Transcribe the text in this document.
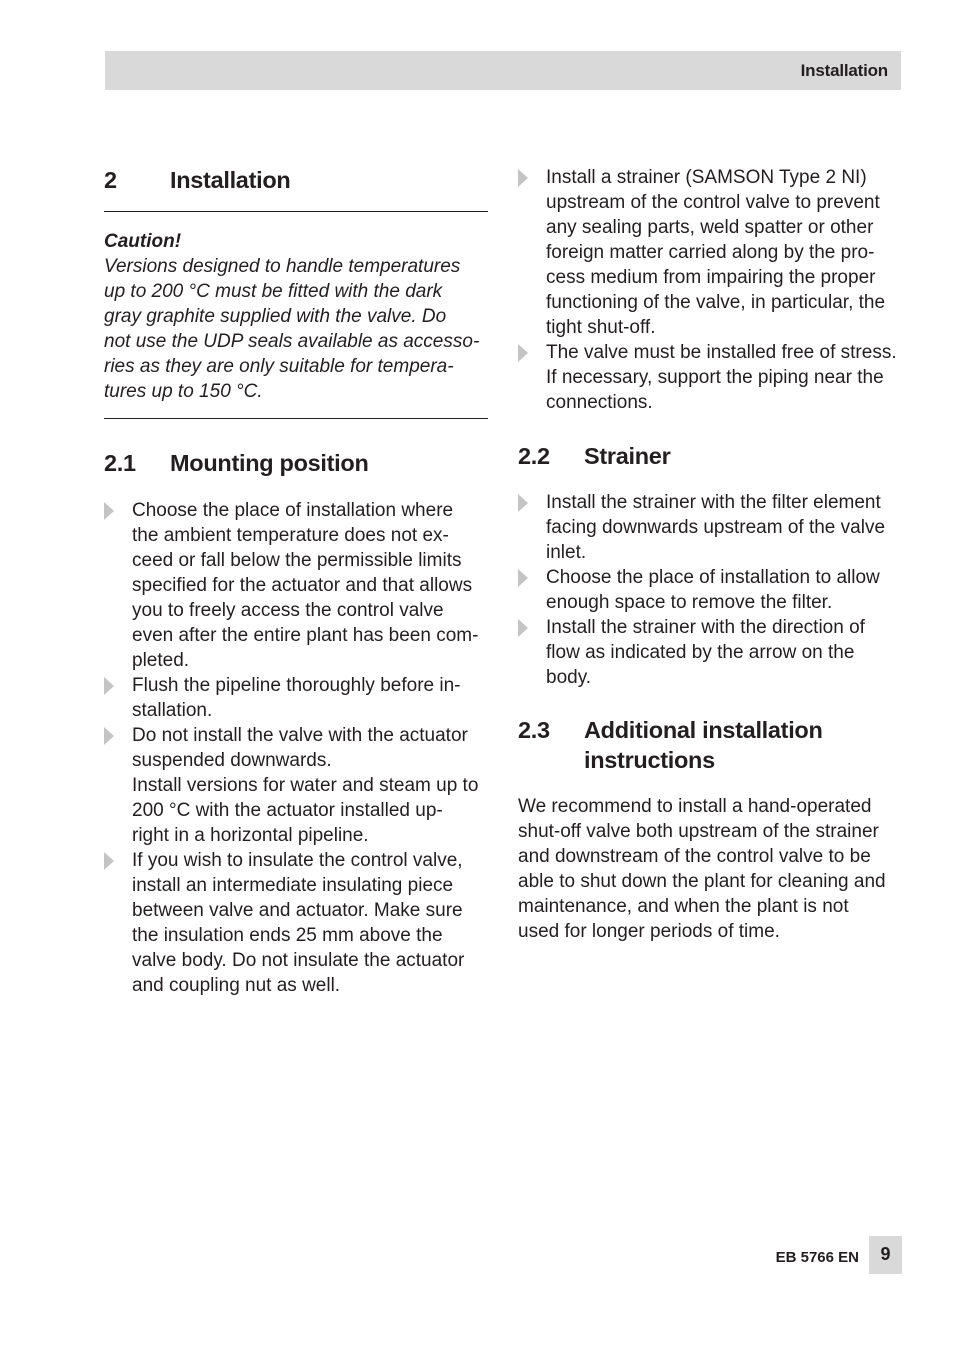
Installation
2 Installation
Caution!
Versions designed to handle temperatures
up to 200 °C must be fitted with the dark
gray graphite supplied with the valve. Do
not use the UDP seals available as accesso-
ries as they are only suitable for tempera-
tures up to 150 °C.
2.1 Mounting position
Choose the place of installation where
the ambient temperature does not ex-
ceed or fall below the permissible limits
specified for the actuator and that allows
you to freely access the control valve
even after the entire plant has been com-
pleted.
Flush the pipeline thoroughly before in-
stallation.
Do not install the valve with the actuator
suspended downwards.
Install versions for water and steam up to
200 °C with the actuator installed up-
right in a horizontal pipeline.
If you wish to insulate the control valve,
install an intermediate insulating piece
between valve and actuator. Make sure
the insulation ends 25 mm above the
valve body. Do not insulate the actuator
and coupling nut as well.
Install a strainer (SAMSON Type 2 NI)
upstream of the control valve to prevent
any sealing parts, weld spatter or other
foreign matter carried along by the pro-
cess medium from impairing the proper
functioning of the valve, in particular, the
tight shut-off.
The valve must be installed free of stress.
If necessary, support the piping near the
connections.
2.2 Strainer
Install the strainer with the filter element
facing downwards upstream of the valve
inlet.
Choose the place of installation to allow
enough space to remove the filter.
Install the strainer with the direction of
flow as indicated by the arrow on the
body.
2.3 Additional installation
instructions
We recommend to install a hand-operated
shut-off valve both upstream of the strainer
and downstream of the control valve to be
able to shut down the plant for cleaning and
maintenance, and when the plant is not
used for longer periods of time.
EB 5766 EN	9
